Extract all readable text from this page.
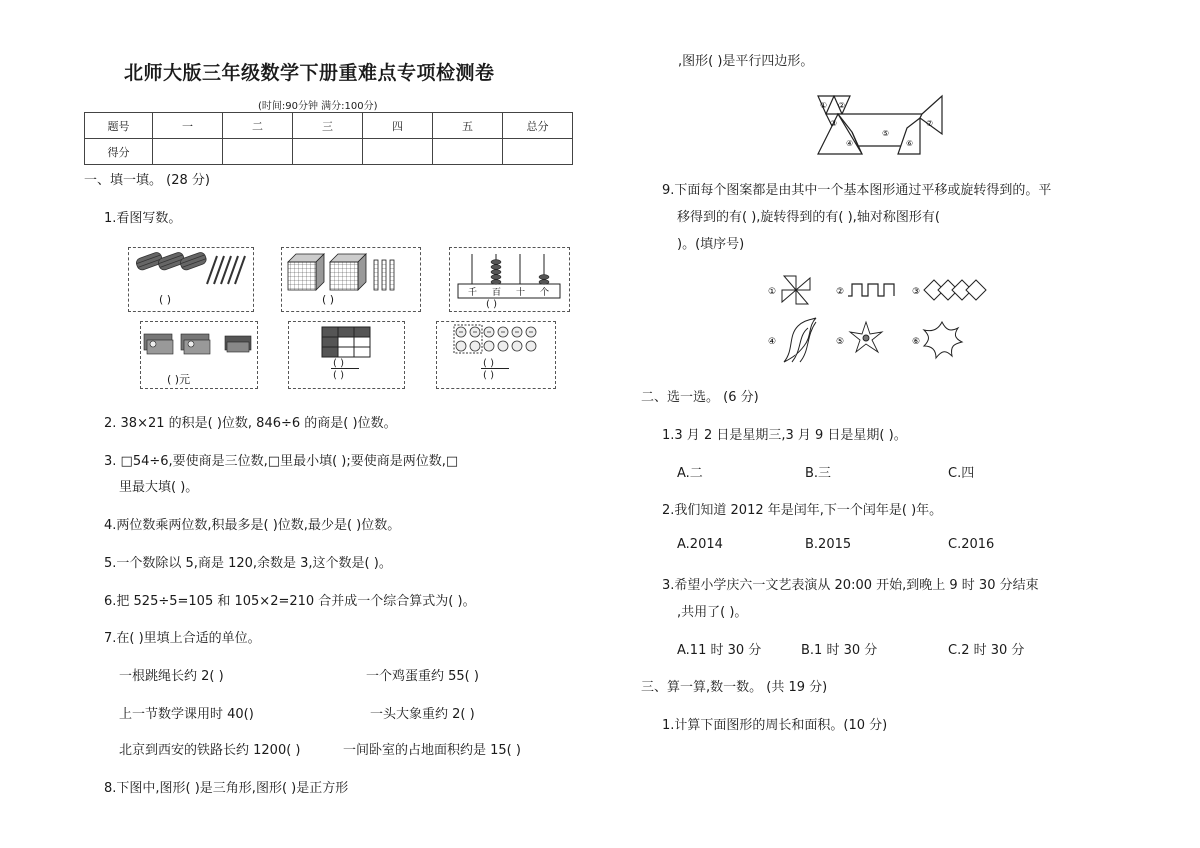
北师大版三年级数学下册重难点专项检测卷
(时间:90分钟 满分:100分)
题号	一	二	三	四	五	总分
得分						
一、填一填。 (28 分)
1.看图写数。
( )	( )	千 百 十 个
( )
( )元
( )
( )
( )
( )
2. 38×21 的积是( )位数, 846÷6 的商是( )位数。
3. □54÷6,要使商是三位数,□里最小填( );要使商是两位数,□
里最大填( )。
4.两位数乘两位数,积最多是( )位数,最少是( )位数。
5.一个数除以 5,商是 120,余数是 3,这个数是( )。
6.把 525÷5=105 和 105×2=210 合并成一个综合算式为( )。
7.在( )里填上合适的单位。
一根跳绳长约 2( )	一个鸡蛋重约 55( )
上一节数学课用时 40()	一头大象重约 2( )
北京到西安的铁路长约 1200( )	一间卧室的占地面积约是 15( )
8.下图中,图形( )是三角形,图形( )是正方形
,图形( )是平行四边形。
① ②
③
④
⑤
⑥
⑦
9.下面每个图案都是由其中一个基本图形通过平移或旋转得到的。平
移得到的有( ),旋转得到的有( ),轴对称图形有(
)。(填序号)
①	②	③
④	⑤	⑥
二、选一选。 (6 分)
1.3 月 2 日是星期三,3 月 9 日是星期( )。
A.二	B.三	C.四
2.我们知道 2012 年是闰年,下一个闰年是( )年。
A.2014	B.2015	C.2016
3.希望小学庆六一文艺表演从 20:00 开始,到晚上 9 时 30 分结束
,共用了( )。
A.11 时 30 分	B.1 时 30 分	C.2 时 30 分
三、算一算,数一数。 (共 19 分)
1.计算下面图形的周长和面积。(10 分)
